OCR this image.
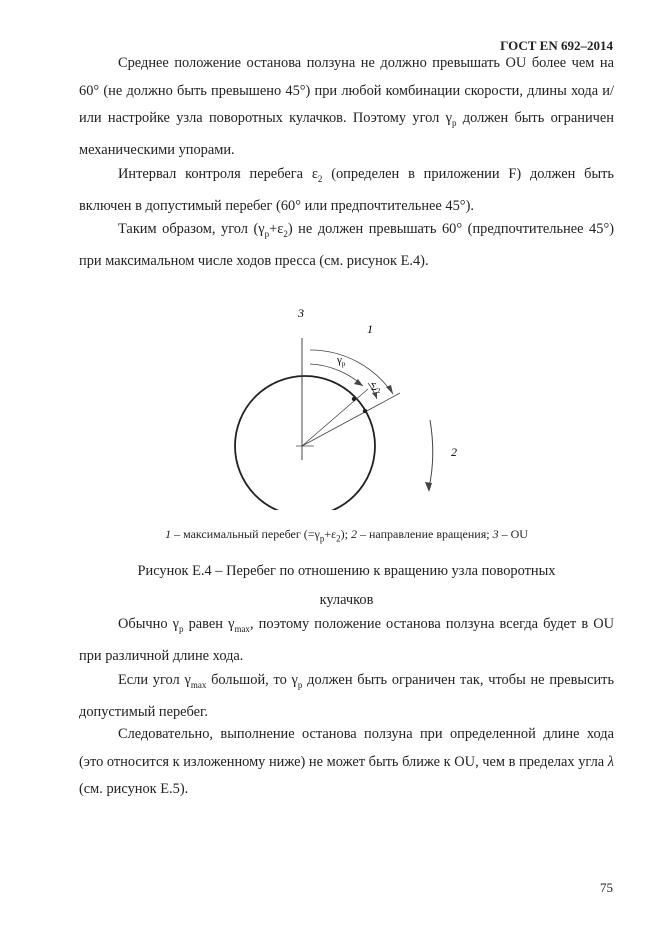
ГОСТ EN 692–2014

Среднее положение останова ползуна не должно превышать OU более чем на 60° (не должно быть превышено 45°) при любой комбинации скорости, длины хода и/или настройке узла поворотных кулачков. Поэтому угол $\gamma_p$ должен быть ограничен механическими упорами.

Интервал контроля перебега $\varepsilon_2$ (определен в приложении F) должен быть включен в допустимый перебег (60° или предпочтительнее 45°).

Таким образом, угол $(\gamma_p+\varepsilon_2)$ не должен превышать 60° (предпочтительнее 45°) при максимальном числе ходов пресса (см. рисунок E.4).

3
1
2
$\gamma_p$
$\Sigma_2$
1 – максимальный перебег $(=\gamma_p+\varepsilon_2)$; 2 – направление вращения; 3 – OU
Рисунок E.4 – Перебег по отношению к вращению узла поворотных
кулачков

Обычно $\gamma_p$ равен $\gamma_{max}$, поэтому положение останова ползуна всегда будет в OU при различной длине хода.

Если угол $\gamma_{max}$ большой, то $\gamma_p$ должен быть ограничен так, чтобы не превысить допустимый перебег.

Следовательно, выполнение останова ползуна при определенной длине хода (это относится к изложенному ниже) не может быть ближе к OU, чем в пределах угла λ (см. рисунок E.5).

75
